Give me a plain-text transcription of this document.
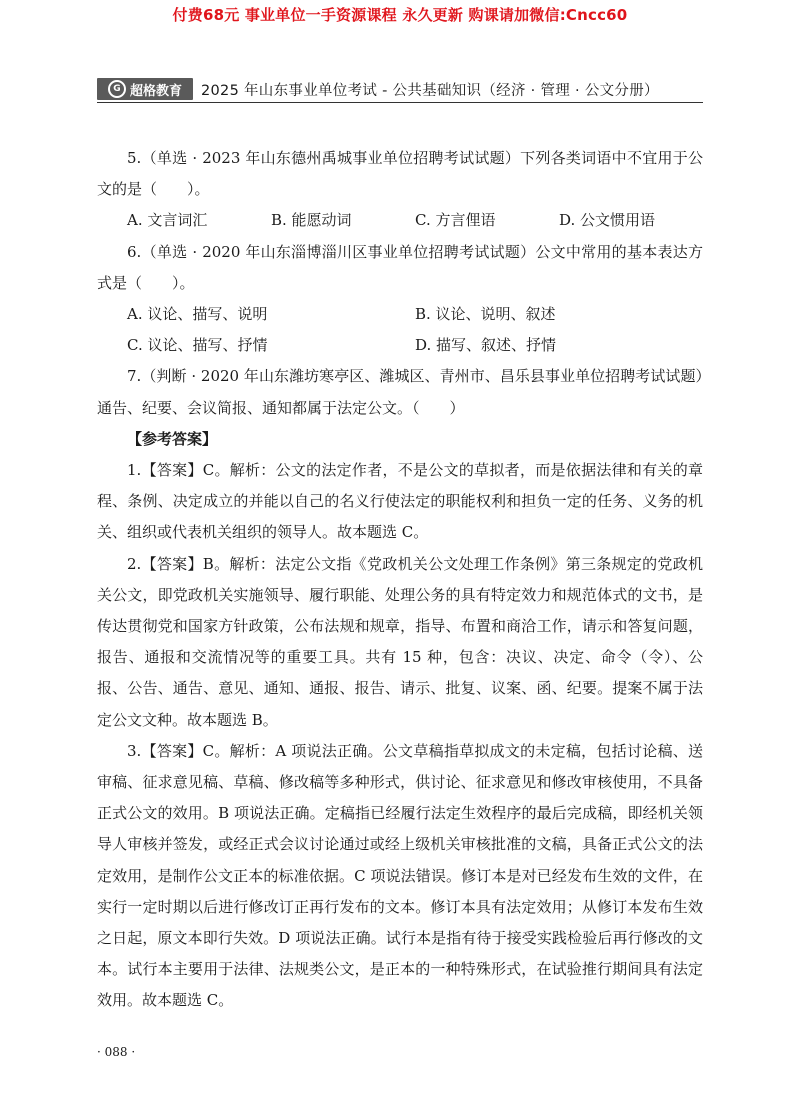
付费68元 事业单位一手资源课程 永久更新 购课请加微信:Cncc60
G 超格教育 2025 年山东事业单位考试 - 公共基础知识（经济 · 管理 · 公文分册）

5.（单选 · 2023 年山东德州禹城事业单位招聘考试试题）下列各类词语中不宜用于公文的是（　　）。

A. 文言词汇	B. 能愿动词	C. 方言俚语	D. 公文惯用语

6.（单选 · 2020 年山东淄博淄川区事业单位招聘考试试题）公文中常用的基本表达方式是（　　）。

A. 议论、描写、说明	B. 议论、说明、叙述
C. 议论、描写、抒情	D. 描写、叙述、抒情

7.（判断 · 2020 年山东潍坊寒亭区、潍城区、青州市、昌乐县事业单位招聘考试试题）通告、纪要、会议简报、通知都属于法定公文。（　　）

【参考答案】

1.【答案】C。解析：公文的法定作者，不是公文的草拟者，而是依据法律和有关的章程、条例、决定成立的并能以自己的名义行使法定的职能权利和担负一定的任务、义务的机关、组织或代表机关组织的领导人。故本题选 C。

2.【答案】B。解析：法定公文指《党政机关公文处理工作条例》第三条规定的党政机关公文，即党政机关实施领导、履行职能、处理公务的具有特定效力和规范体式的文书，是传达贯彻党和国家方针政策，公布法规和规章，指导、布置和商洽工作，请示和答复问题，报告、通报和交流情况等的重要工具。共有 15 种，包含：决议、决定、命令（令）、公报、公告、通告、意见、通知、通报、报告、请示、批复、议案、函、纪要。提案不属于法定公文文种。故本题选 B。

3.【答案】C。解析：A 项说法正确。公文草稿指草拟成文的未定稿，包括讨论稿、送审稿、征求意见稿、草稿、修改稿等多种形式，供讨论、征求意见和修改审核使用，不具备正式公文的效用。B 项说法正确。定稿指已经履行法定生效程序的最后完成稿，即经机关领导人审核并签发，或经正式会议讨论通过或经上级机关审核批准的文稿，具备正式公文的法定效用，是制作公文正本的标准依据。C 项说法错误。修订本是对已经发布生效的文件，在实行一定时期以后进行修改订正再行发布的文本。修订本具有法定效用；从修订本发布生效之日起，原文本即行失效。D 项说法正确。试行本是指有待于接受实践检验后再行修改的文本。试行本主要用于法律、法规类公文，是正本的一种特殊形式，在试验推行期间具有法定效用。故本题选 C。

· 088 ·
